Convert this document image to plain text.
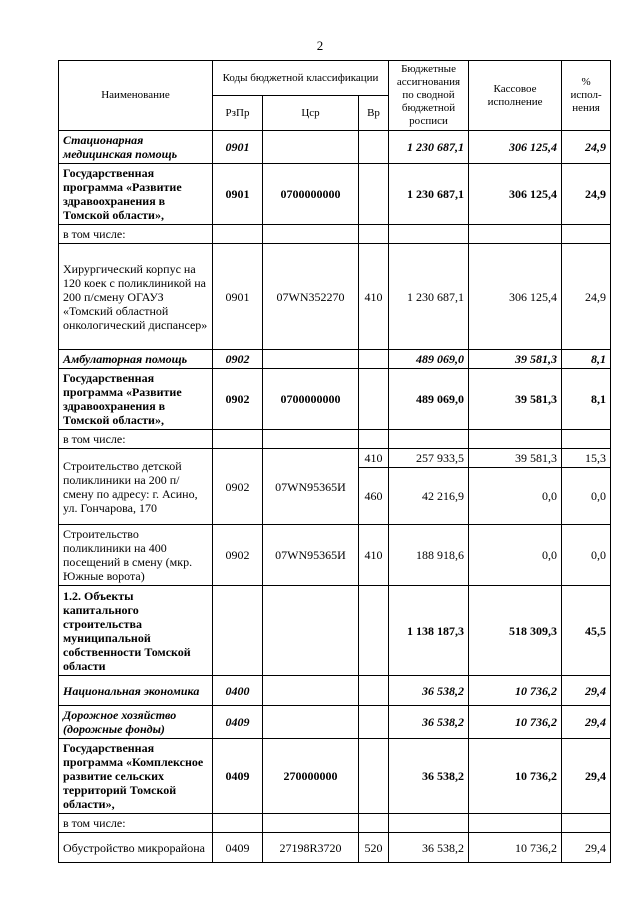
2
Наименование	Коды бюджетной классификации			Бюджетные ассигнования по сводной бюджетной росписи	Кассовое исполнение	% испол-нения
	РзПр	Цср	Вр			
Стационарная медицинская помощь	0901			1 230 687,1	306 125,4	24,9
Государственная программа «Развитие здравоохранения в Томской области»,	0901	0700000000		1 230 687,1	306 125,4	24,9
в том числе:						
Хирургический корпус на 120 коек с поликлиникой на 200 п/смену ОГАУЗ «Томский областной онкологический диспансер»	0901	07WN352270	410	1 230 687,1	306 125,4	24,9
Амбулаторная помощь	0902			489 069,0	39 581,3	8,1
Государственная программа «Развитие здравоохранения в Томской области»,	0902	0700000000		489 069,0	39 581,3	8,1
в том числе:						
Строительство детской поликлиники на 200 п/смену по адресу: г. Асино, ул. Гончарова, 170	0902	07WN95365И	410	257 933,5	39 581,3	15,3
			460	42 216,9	0,0	0,0
Строительство поликлиники на 400 посещений в смену (мкр. Южные ворота)	0902	07WN95365И	410	188 918,6	0,0	0,0
1.2. Объекты капитального строительства муниципальной собственности Томской области				1 138 187,3	518 309,3	45,5
Национальная экономика	0400			36 538,2	10 736,2	29,4
Дорожное хозяйство (дорожные фонды)	0409			36 538,2	10 736,2	29,4
Государственная программа «Комплексное развитие сельских территорий Томской области»,	0409	270000000		36 538,2	10 736,2	29,4
в том числе:						
Обустройство микрорайона	0409	27198R3720	520	36 538,2	10 736,2	29,4
